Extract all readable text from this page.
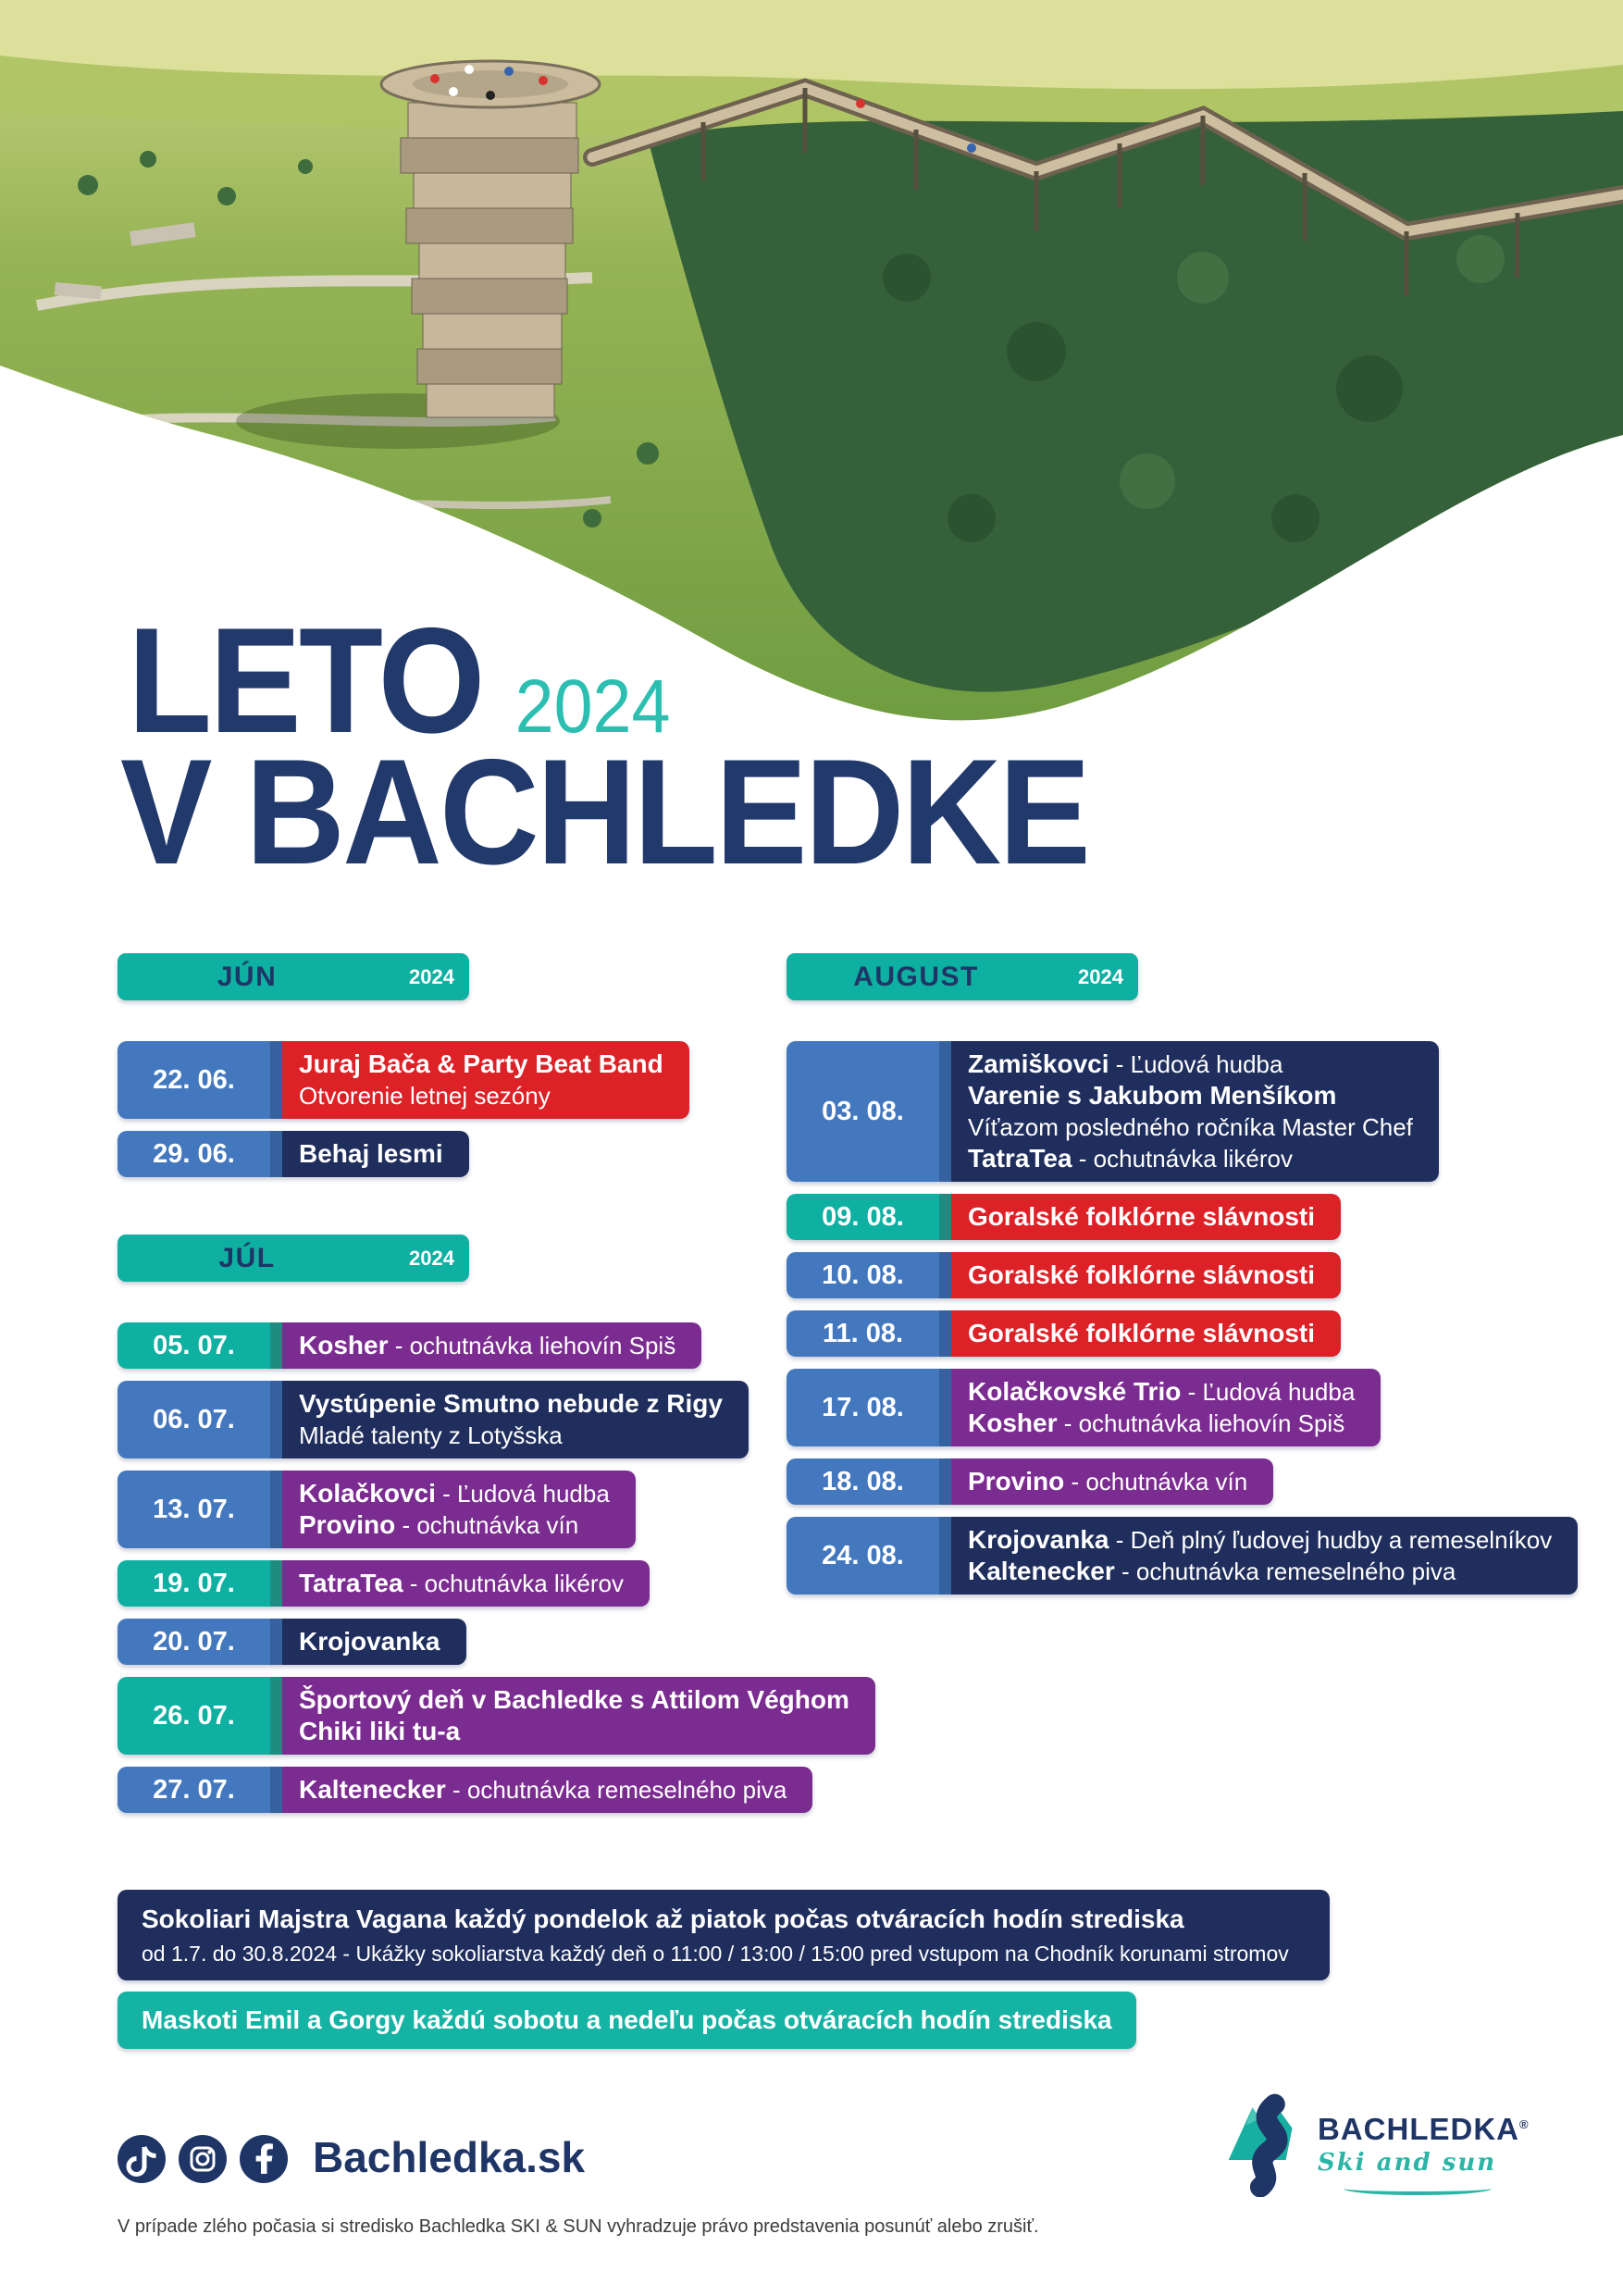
LETO 2024
V BACHLEDKE
JÚN	2024
22. 06.
Juraj Bača & Party Beat Band
Otvorenie letnej sezóny
29. 06.	Behaj lesmi
JÚL	2024
05. 07.	Kosher - ochutnávka liehovín Spiš
06. 07.
Vystúpenie Smutno nebude z Rigy
Mladé talenty z Lotyšska
13. 07.
Kolačkovci - Ľudová hudba
Provino - ochutnávka vín
19. 07.	TatraTea - ochutnávka likérov
20. 07.	Krojovanka
26. 07.
Športový deň v Bachledke s Attilom Véghom
Chiki liki tu-a
27. 07.	Kaltenecker - ochutnávka remeselného piva
AUGUST	2024
03. 08.
Zamiškovci - Ľudová hudba
Varenie s Jakubom Menšíkom
Víťazom posledného ročníka Master Chef
TatraTea - ochutnávka likérov
09. 08.	Goralské folklórne slávnosti
10. 08.	Goralské folklórne slávnosti
11. 08.	Goralské folklórne slávnosti
17. 08.
Kolačkovské Trio - Ľudová hudba
Kosher - ochutnávka liehovín Spiš
18. 08.	Provino - ochutnávka vín
24. 08.
Krojovanka - Deň plný ľudovej hudby a remeselníkov
Kaltenecker - ochutnávka remeselného piva
Sokoliari Majstra Vagana každý pondelok až piatok počas otváracích hodín strediska
od 1.7. do 30.8.2024 - Ukážky sokoliarstva každý deň o 11:00 / 13:00 / 15:00 pred vstupom na Chodník korunami stromov
Maskoti Emil a Gorgy každú sobotu a nedeľu počas otváracích hodín strediska
Bachledka.sk
BACHLEDKA®
Ski and sun
V prípade zlého počasia si stredisko Bachledka SKI & SUN vyhradzuje právo predstavenia posunúť alebo zrušiť.
